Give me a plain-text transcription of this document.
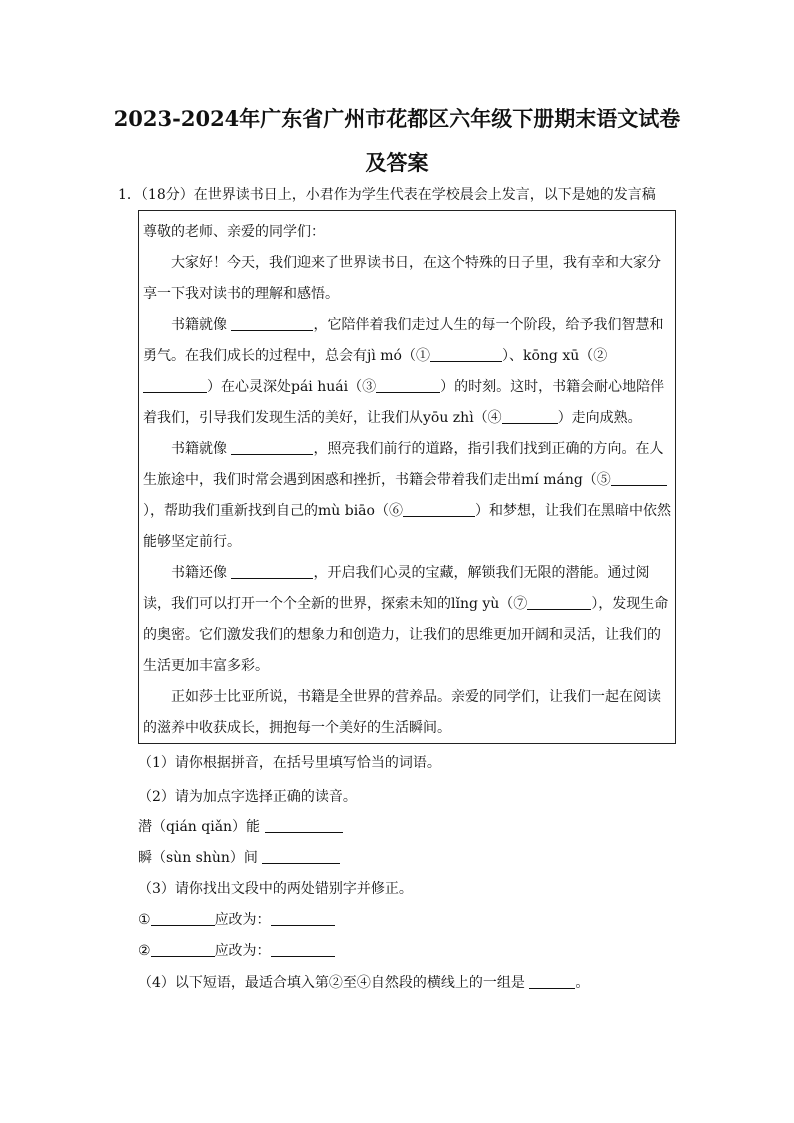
2023-2024年广东省广州市花都区六年级下册期末语文试卷
及答案
1．（18分）在世界读书日上，小君作为学生代表在学校晨会上发言，以下是她的发言稿

尊敬的老师、亲爱的同学们：

大家好！今天，我们迎来了世界读书日，在这个特殊的日子里，我有幸和大家分享一下我对读书的理解和感悟。

书籍就像	，它陪伴着我们走过人生的每一个阶段，给予我们智慧和勇气。在我们成长的过程中，总会有jì mó（①	）、kōng xū（②）在心灵深处pái huái（③	）的时刻。这时，书籍会耐心地陪伴着我们，引导我们发现生活的美好，让我们从yōu zhì（④	）走向成熟。

书籍就像	，照亮我们前行的道路，指引我们找到正确的方向。在人生旅途中，我们时常会遇到困惑和挫折，书籍会带着我们走出mí máng（⑤），帮助我们重新找到自己的mù biāo（⑥	）和梦想，让我们在黑暗中依然能够坚定前行。

书籍还像	，开启我们心灵的宝藏，解锁我们无限的潜能。通过阅读，我们可以打开一个个全新的世界，探索未知的lǐng yù（⑦	），发现生命的奥密。它们激发我们的想象力和创造力，让我们的思维更加开阔和灵活，让我们的生活更加丰富多彩。

正如莎士比亚所说，书籍是全世界的营养品。亲爱的同学们，让我们一起在阅读的滋养中收获成长，拥抱每一个美好的生活瞬间。

（1）请你根据拼音，在括号里填写恰当的词语。
（2）请为加点字选择正确的读音。
潜（qián qiǎn）能
瞬（sùn shùn）间
（3）请你找出文段中的两处错别字并修正。
①	应改为：
②	应改为：
（4）以下短语，最适合填入第②至④自然段的横线上的一组是	。
